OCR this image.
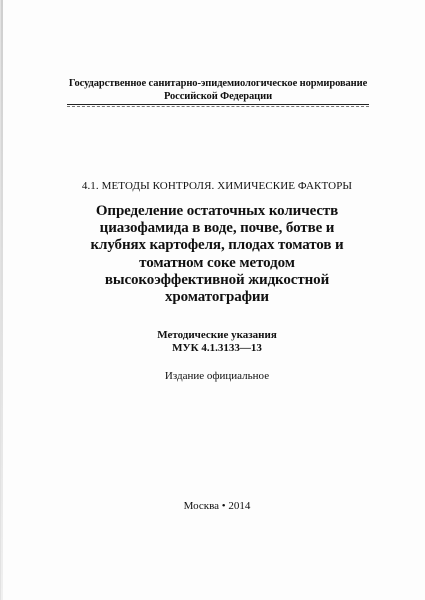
Государственное санитарно-эпидемиологическое нормирование
Российской Федерации
4.1. МЕТОДЫ КОНТРОЛЯ. ХИМИЧЕСКИЕ ФАКТОРЫ
Определение остаточных количеств
циазофамида в воде, почве, ботве и
клубнях картофеля, плодах томатов и
томатном соке методом
высокоэффективной жидкостной
хроматографии
Методические указания
МУК 4.1.3133—13
Издание официальное
Москва • 2014
